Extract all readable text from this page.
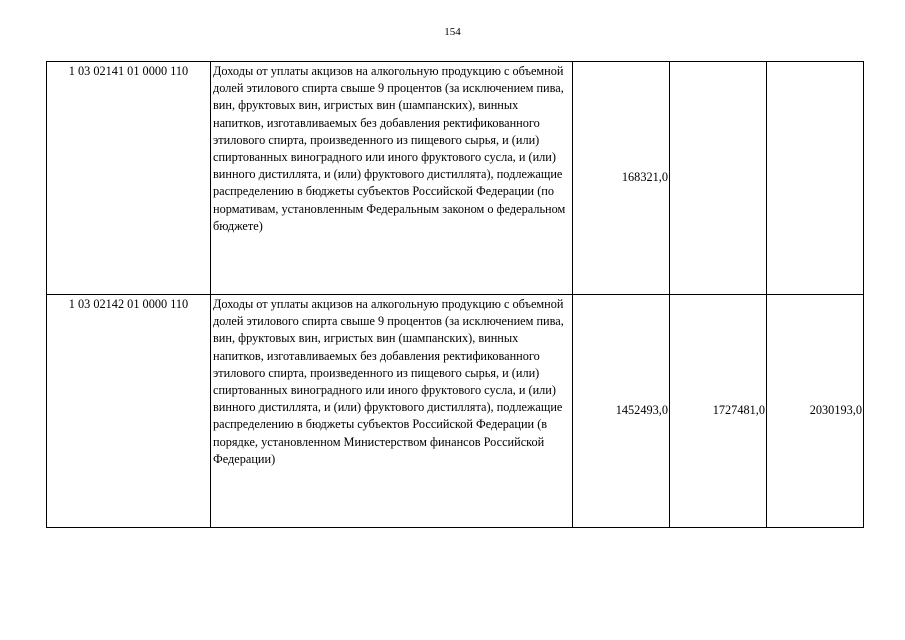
154
1 03 02141 01 0000 110	Доходы от уплаты акцизов на алкогольную продукцию с объемной долей этилового спирта свыше 9 процентов (за исключением пива, вин, фруктовых вин, игристых вин (шампанских), винных напитков, изготавливаемых без добавления ректификованного этилового спирта, произведенного из пищевого сырья, и (или) спиртованных виноградного или иного фруктового сусла, и (или) винного дистиллята, и (или) фруктового дистиллята), подлежащие распределению в бюджеты субъектов Российской Федерации (по нормативам, установленным Федеральным законом о федеральном бюджете)	168321,0		
1 03 02142 01 0000 110	Доходы от уплаты акцизов на алкогольную продукцию с объемной долей этилового спирта свыше 9 процентов (за исключением пива, вин, фруктовых вин, игристых вин (шампанских), винных напитков, изготавливаемых без добавления ректификованного этилового спирта, произведенного из пищевого сырья, и (или) спиртованных виноградного или иного фруктового сусла, и (или) винного дистиллята, и (или) фруктового дистиллята), подлежащие распределению в бюджеты субъектов Российской Федерации (в порядке, установленном Министерством финансов Российской Федерации)	1452493,0	1727481,0	2030193,0
